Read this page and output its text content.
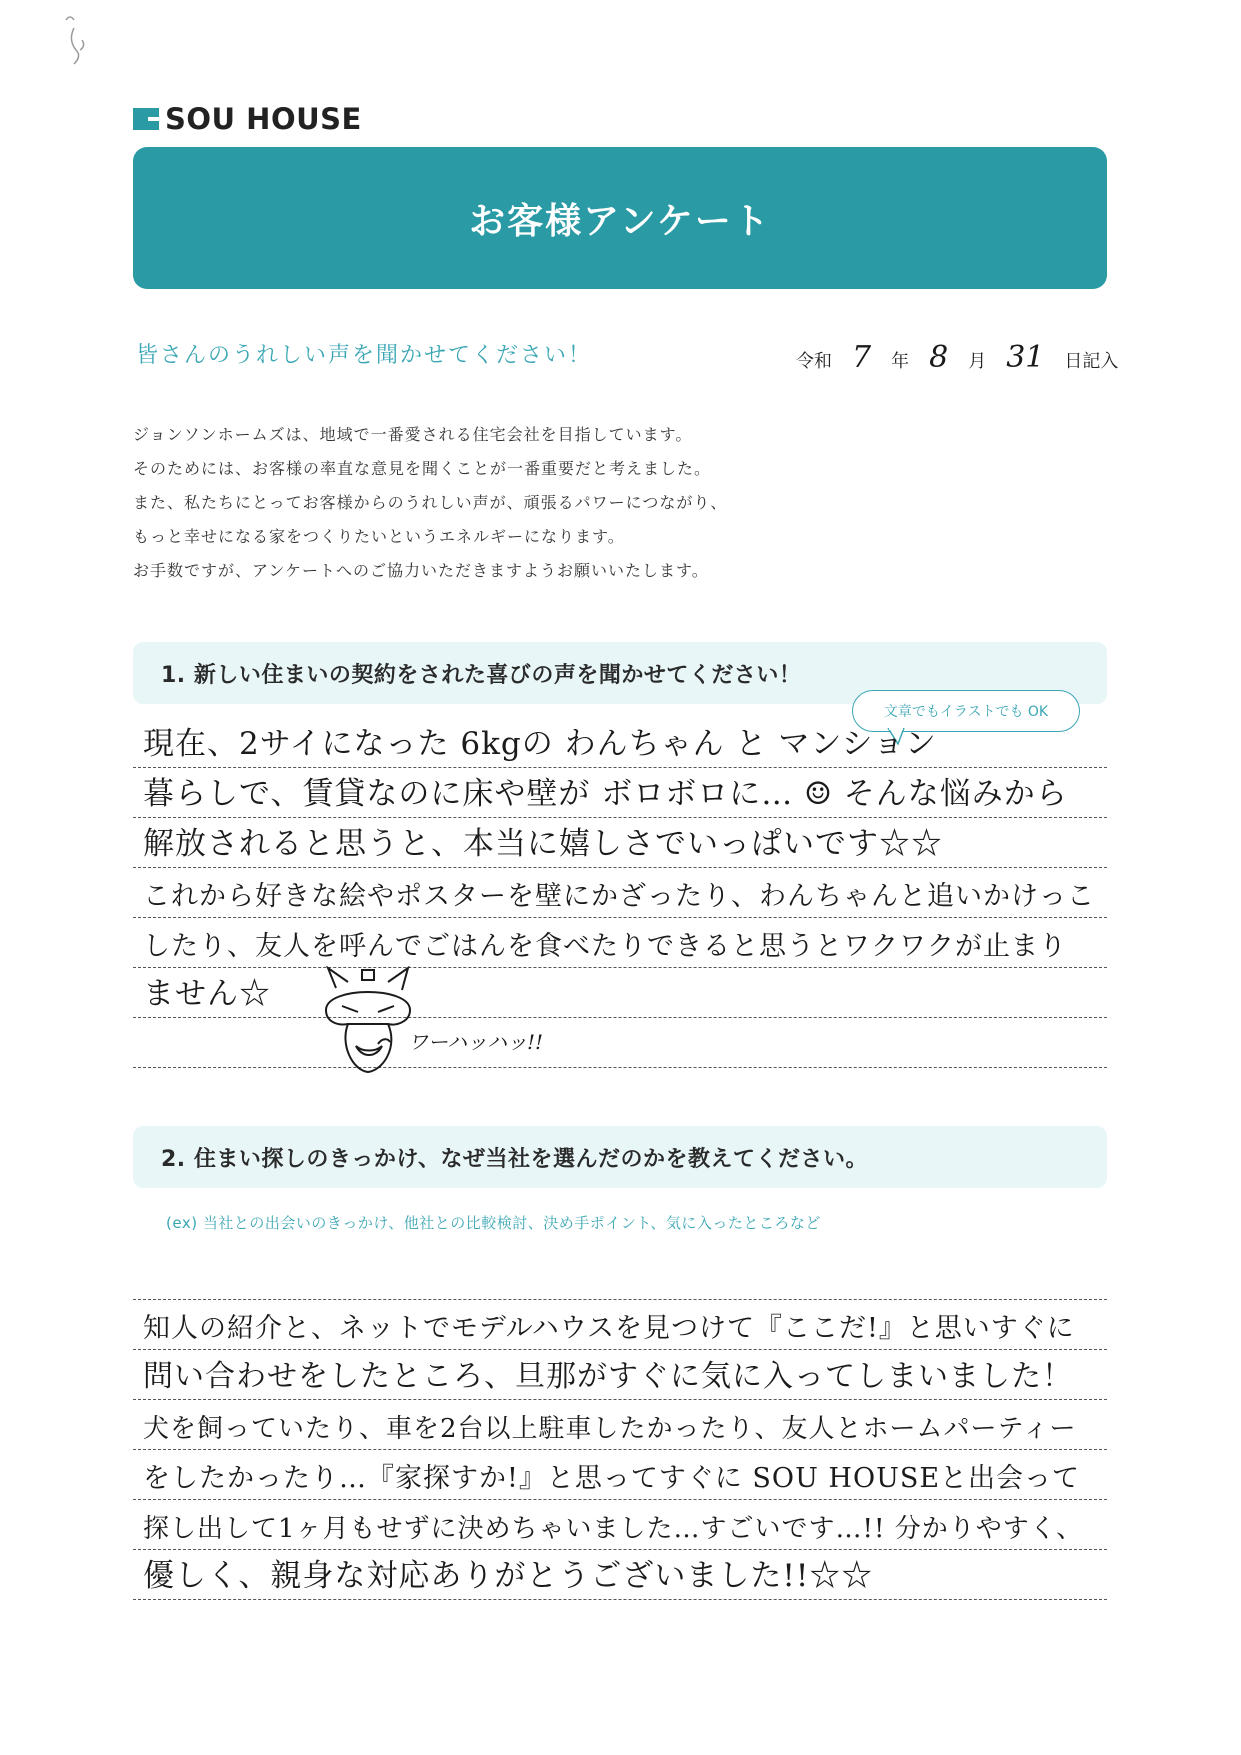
SOU HOUSE
お客様アンケート
皆さんのうれしい声を聞かせてください！	令和 7 年 8 月 31 日記入
ジョンソンホームズは、地域で一番愛される住宅会社を目指しています。
そのためには、お客様の率直な意見を聞くことが一番重要だと考えました。
また、私たちにとってお客様からのうれしい声が、頑張るパワーにつながり、
もっと幸せになる家をつくりたいというエネルギーになります。
お手数ですが、アンケートへのご協力いただきますようお願いいたします。
1. 新しい住まいの契約をされた喜びの声を聞かせてください！
文章でもイラストでも OK
現在、2サイになった 6kgの わんちゃん と マンション
暮らしで、賃貸なのに床や壁が ボロボロに… ☺ そんな悩みから
解放されると思うと、本当に嬉しさでいっぱいです☆☆
これから好きな絵やポスターを壁にかざったり、わんちゃんと追いかけっこ
したり、友人を呼んでごはんを食べたりできると思うとワクワクが止まり
ません☆
ワーハッハッ!!
2. 住まい探しのきっかけ、なぜ当社を選んだのかを教えてください。
(ex) 当社との出会いのきっかけ、他社との比較検討、決め手ポイント、気に入ったところなど
知人の紹介と、ネットでモデルハウスを見つけて『ここだ!』と思いすぐに
問い合わせをしたところ、旦那がすぐに気に入ってしまいました！
犬を飼っていたり、車を2台以上駐車したかったり、友人とホームパーティー
をしたかったり…『家探すか!』と思ってすぐに SOU HOUSEと出会って
探し出して1ヶ月もせずに決めちゃいました…すごいです…!! 分かりやすく、
優しく、親身な対応ありがとうございました!!☆☆
